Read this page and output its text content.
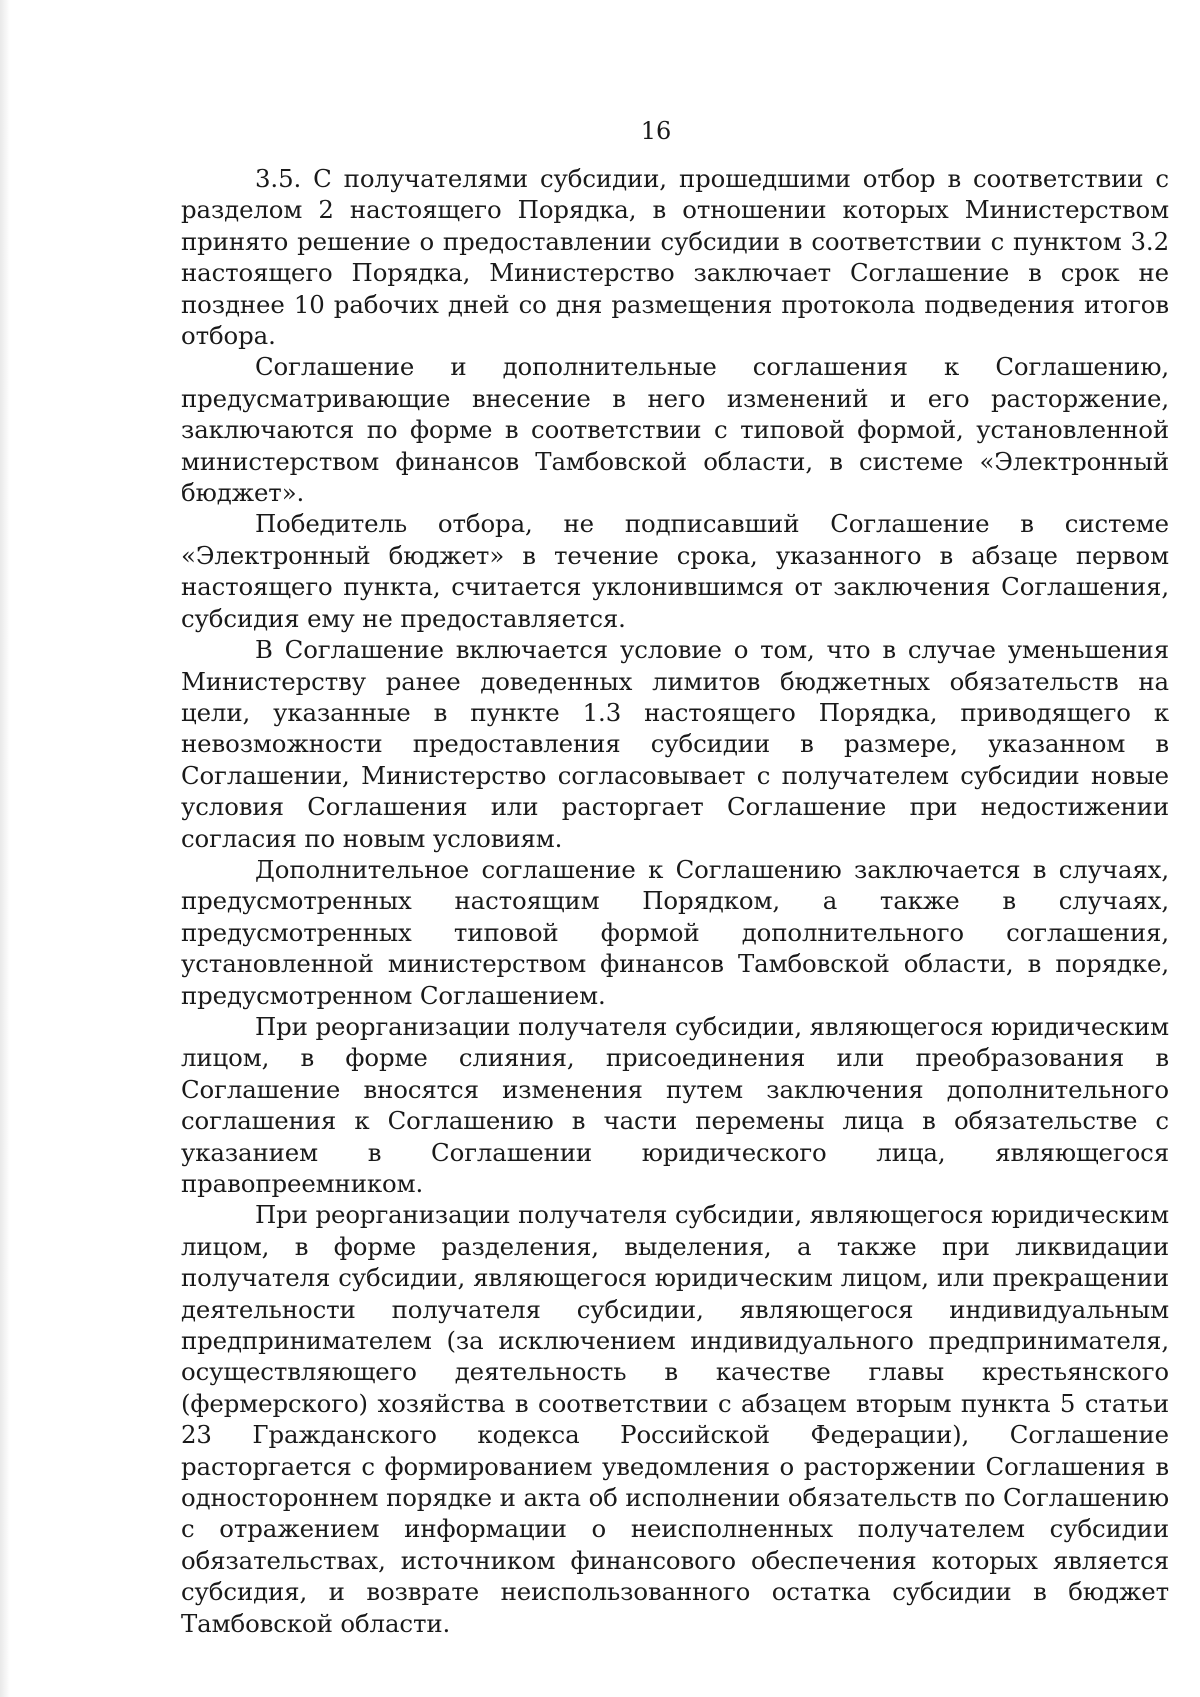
16

3.5. С получателями субсидии, прошедшими отбор в соответствии с разделом 2 настоящего Порядка, в отношении которых Министерством принято решение о предоставлении субсидии в соответствии с пунктом 3.2 настоящего Порядка, Министерство заключает Соглашение в срок не позднее 10 рабочих дней со дня размещения протокола подведения итогов отбора.

Соглашение и дополнительные соглашения к Соглашению, предусматривающие внесение в него изменений и его расторжение, заключаются по форме в соответствии с типовой формой, установленной министерством финансов Тамбовской области, в системе «Электронный бюджет».

Победитель отбора, не подписавший Соглашение в системе «Электронный бюджет» в течение срока, указанного в абзаце первом настоящего пункта, считается уклонившимся от заключения Соглашения, субсидия ему не предоставляется.

В Соглашение включается условие о том, что в случае уменьшения Министерству ранее доведенных лимитов бюджетных обязательств на цели, указанные в пункте 1.3 настоящего Порядка, приводящего к невозможности предоставления субсидии в размере, указанном в Соглашении, Министерство согласовывает с получателем субсидии новые условия Соглашения или расторгает Соглашение при недостижении согласия по новым условиям.

Дополнительное соглашение к Соглашению заключается в случаях, предусмотренных настоящим Порядком, а также в случаях, предусмотренных типовой формой дополнительного соглашения, установленной министерством финансов Тамбовской области, в порядке, предусмотренном Соглашением.

При реорганизации получателя субсидии, являющегося юридическим лицом, в форме слияния, присоединения или преобразования в Соглашение вносятся изменения путем заключения дополнительного соглашения к Соглашению в части перемены лица в обязательстве с указанием в Соглашении юридического лица, являющегося правопреемником.

При реорганизации получателя субсидии, являющегося юридическим лицом, в форме разделения, выделения, а также при ликвидации получателя субсидии, являющегося юридическим лицом, или прекращении деятельности получателя субсидии, являющегося индивидуальным предпринимателем (за исключением индивидуального предпринимателя, осуществляющего деятельность в качестве главы крестьянского (фермерского) хозяйства в соответствии с абзацем вторым пункта 5 статьи 23 Гражданского кодекса Российской Федерации), Соглашение расторгается с формированием уведомления о расторжении Соглашения в одностороннем порядке и акта об исполнении обязательств по Соглашению с отражением информации о неисполненных получателем субсидии обязательствах, источником финансового обеспечения которых является субсидия, и возврате неиспользованного остатка субсидии в бюджет Тамбовской области.
